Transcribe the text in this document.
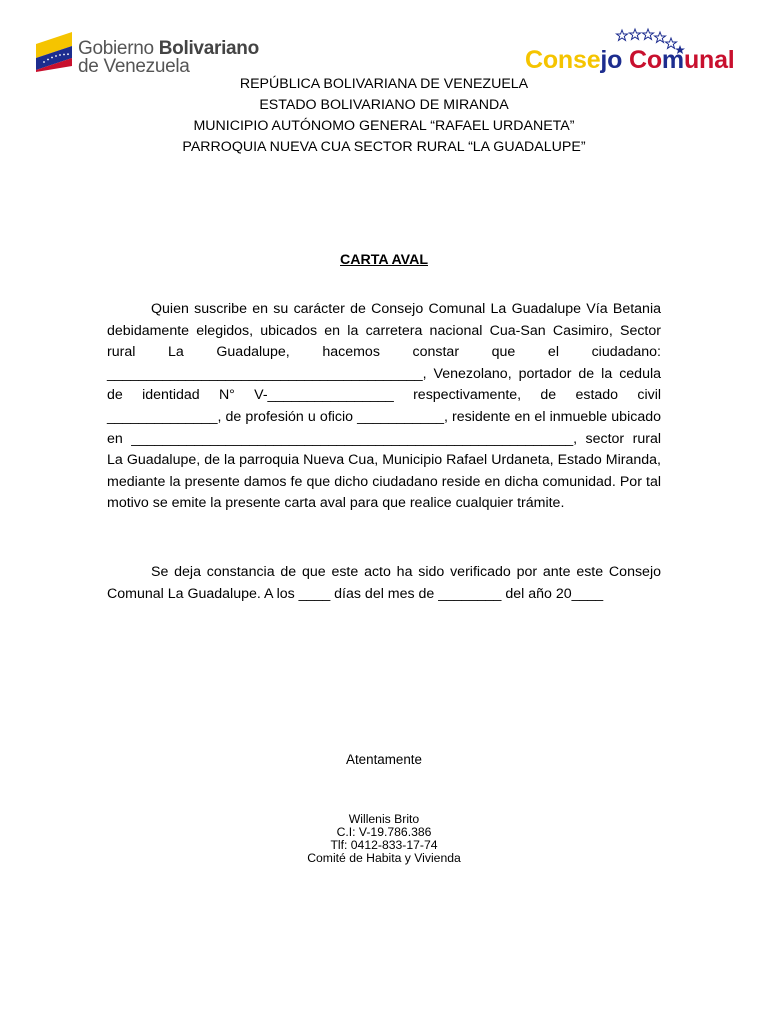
Gobierno Bolivariano
de Venezuela	Consejo Comunal
REPÚBLICA BOLIVARIANA DE VENEZUELA
ESTADO BOLIVARIANO DE MIRANDA
MUNICIPIO AUTÓNOMO GENERAL “RAFAEL URDANETA”
PARROQUIA NUEVA CUA SECTOR RURAL “LA GUADALUPE”
CARTA AVAL
Quien suscribe en su carácter de Consejo Comunal La Guadalupe Vía Betania debidamente elegidos, ubicados en la carretera nacional Cua-San Casimiro, Sector rural La Guadalupe, hacemos constar que el ciudadano: ________________________________________, Venezolano, portador de la cedula de identidad N° V-________________ respectivamente, de estado civil ______________, de profesión u oficio ___________, residente en el inmueble ubicado en ________________________________________________________, sector rural La Guadalupe, de la parroquia Nueva Cua, Municipio Rafael Urdaneta, Estado Miranda, mediante la presente damos fe que dicho ciudadano reside en dicha comunidad. Por tal motivo se emite la presente carta aval para que realice cualquier trámite.
Se deja constancia de que este acto ha sido verificado por ante este Consejo Comunal La Guadalupe. A los ____ días del mes de ________ del año 20____
Atentamente
Willenis Brito
C.I: V-19.786.386
Tlf: 0412-833-17-74
Comité de Habita y Vivienda
